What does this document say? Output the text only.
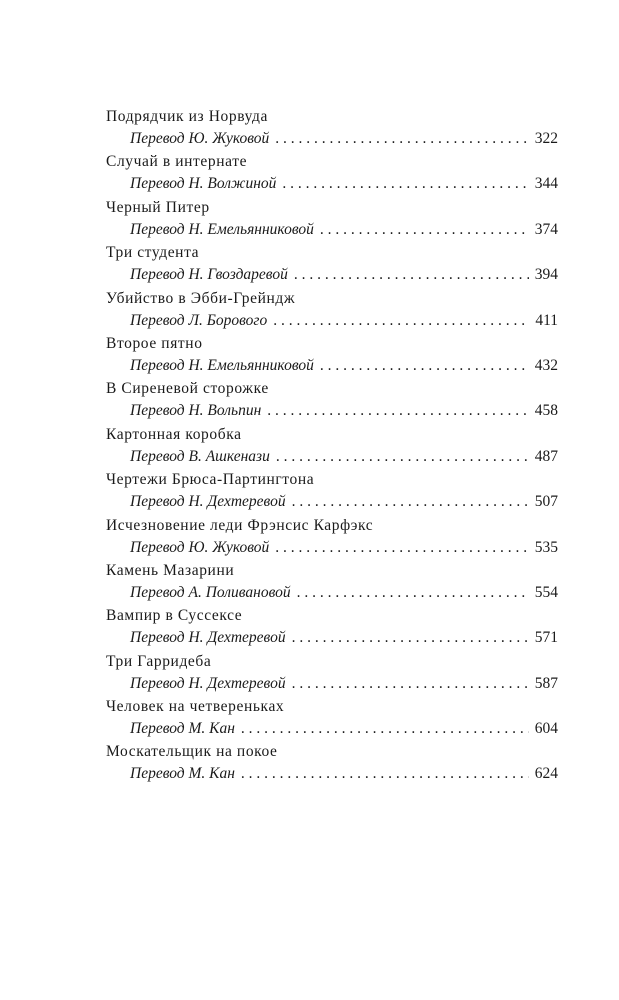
Подрядчик из Норвуда
Перевод Ю. Жуковой . . .	322
Случай в интернате
Перевод Н. Волжиной . . .	344
Черный Питер
Перевод Н. Емельянниковой . . .	374
Три студента
Перевод Н. Гвоздаревой . . .	394
Убийство в Эбби-Грейндж
Перевод Л. Борового . . .	411
Второе пятно
Перевод Н. Емельянниковой . . .	432
В Сиреневой сторожке
Перевод Н. Вольпин . . .	458
Картонная коробка
Перевод В. Ашкенази . . .	487
Чертежи Брюса-Партингтона
Перевод Н. Дехтеревой . . .	507
Исчезновение леди Фрэнсис Карфэкс
Перевод Ю. Жуковой . . .	535
Камень Мазарини
Перевод А. Поливановой . . .	554
Вампир в Суссексе
Перевод Н. Дехтеревой . . .	571
Три Гарридеба
Перевод Н. Дехтеревой . . .	587
Человек на четвереньках
Перевод М. Кан . . .	604
Москательщик на покое
Перевод М. Кан . . .	624
